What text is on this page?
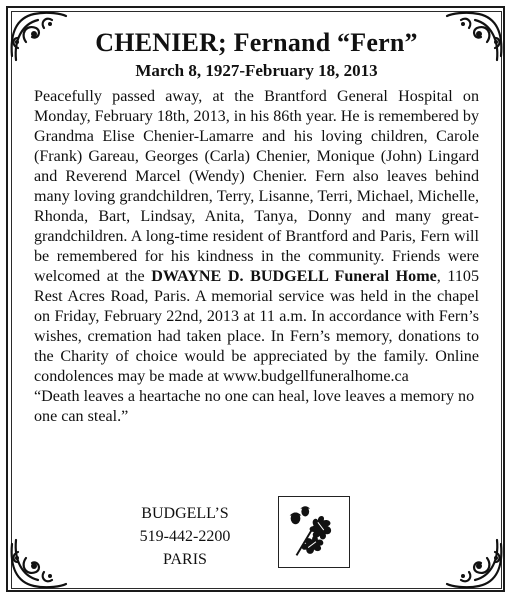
CHENIER; Fernand “Fern”
March 8, 1927-February 18, 2013

Peacefully passed away, at the Brantford General Hospital on Monday, February 18th, 2013, in his 86th year. He is remembered by Grandma Elise Chenier-Lamarre and his loving children, Carole (Frank) Gareau, Georges (Carla) Chenier, Monique (John) Lingard and Reverend Marcel (Wendy) Chenier. Fern also leaves behind many loving grandchildren, Terry, Lisanne, Terri, Michael, Michelle, Rhonda, Bart, Lindsay, Anita, Tanya, Donny and many great-grandchildren. A long-time resident of Brantford and Paris, Fern will be remembered for his kindness in the community. Friends were welcomed at the DWAYNE D. BUDGELL Funeral Home, 1105 Rest Acres Road, Paris. A memorial service was held in the chapel on Friday, February 22nd, 2013 at 11 a.m. In accordance with Fern’s wishes, cremation had taken place. In Fern’s memory, donations to the Charity of choice would be appreciated by the family. Online condolences may be made at www.budgellfuneralhome.ca

“Death leaves a heartache no one can heal, love leaves a memory no one can steal.”

BUDGELL’S
519-442-2200
PARIS
